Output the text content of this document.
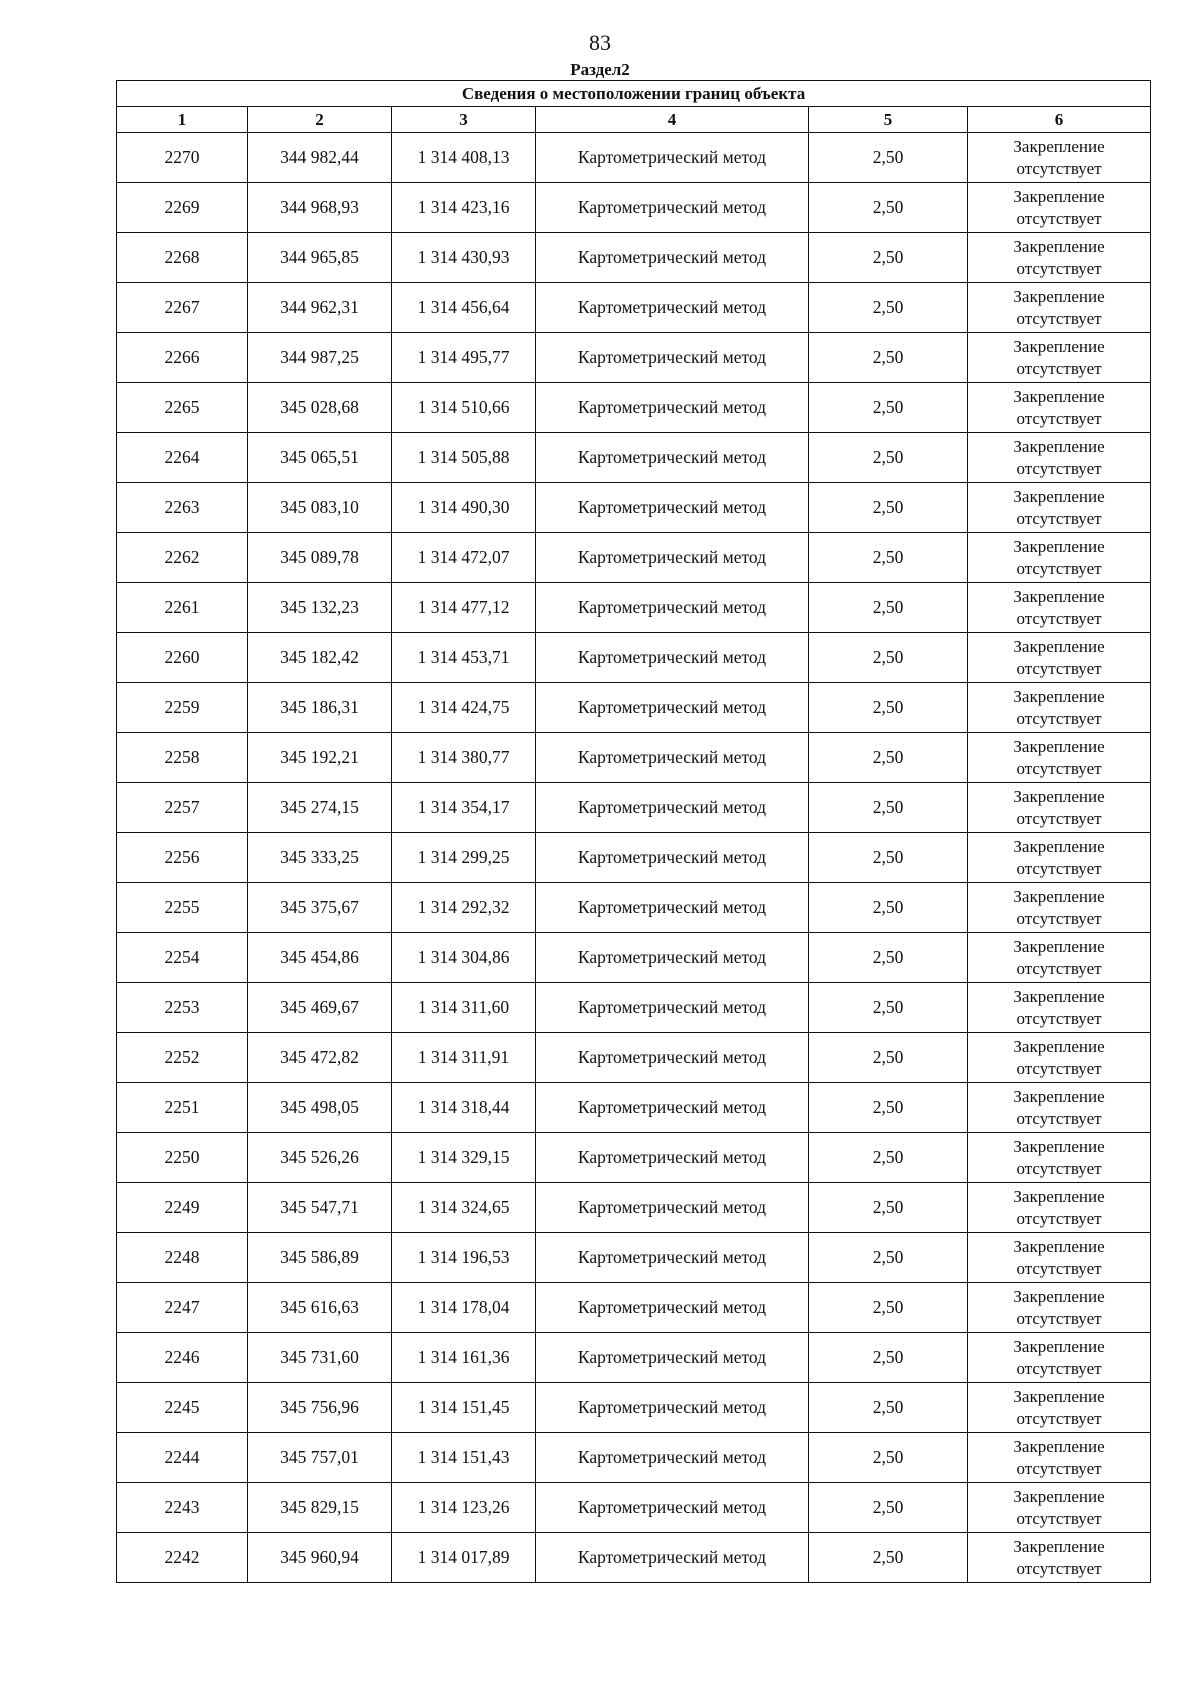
83
Раздел2
Сведения о местоположении границ объекта					
1	2	3	4	5	6
2270	344 982,44	1 314 408,13	Картометрический метод	2,50	Закрепление
отсутствует

2269	344 968,93	1 314 423,16	Картометрический метод	2,50	Закрепление
отсутствует

2268	344 965,85	1 314 430,93	Картометрический метод	2,50	Закрепление
отсутствует

2267	344 962,31	1 314 456,64	Картометрический метод	2,50	Закрепление
отсутствует

2266	344 987,25	1 314 495,77	Картометрический метод	2,50	Закрепление
отсутствует

2265	345 028,68	1 314 510,66	Картометрический метод	2,50	Закрепление
отсутствует

2264	345 065,51	1 314 505,88	Картометрический метод	2,50	Закрепление
отсутствует

2263	345 083,10	1 314 490,30	Картометрический метод	2,50	Закрепление
отсутствует

2262	345 089,78	1 314 472,07	Картометрический метод	2,50	Закрепление
отсутствует

2261	345 132,23	1 314 477,12	Картометрический метод	2,50	Закрепление
отсутствует

2260	345 182,42	1 314 453,71	Картометрический метод	2,50	Закрепление
отсутствует

2259	345 186,31	1 314 424,75	Картометрический метод	2,50	Закрепление
отсутствует

2258	345 192,21	1 314 380,77	Картометрический метод	2,50	Закрепление
отсутствует

2257	345 274,15	1 314 354,17	Картометрический метод	2,50	Закрепление
отсутствует

2256	345 333,25	1 314 299,25	Картометрический метод	2,50	Закрепление
отсутствует

2255	345 375,67	1 314 292,32	Картометрический метод	2,50	Закрепление
отсутствует

2254	345 454,86	1 314 304,86	Картометрический метод	2,50	Закрепление
отсутствует

2253	345 469,67	1 314 311,60	Картометрический метод	2,50	Закрепление
отсутствует

2252	345 472,82	1 314 311,91	Картометрический метод	2,50	Закрепление
отсутствует

2251	345 498,05	1 314 318,44	Картометрический метод	2,50	Закрепление
отсутствует

2250	345 526,26	1 314 329,15	Картометрический метод	2,50	Закрепление
отсутствует

2249	345 547,71	1 314 324,65	Картометрический метод	2,50	Закрепление
отсутствует

2248	345 586,89	1 314 196,53	Картометрический метод	2,50	Закрепление
отсутствует

2247	345 616,63	1 314 178,04	Картометрический метод	2,50	Закрепление
отсутствует

2246	345 731,60	1 314 161,36	Картометрический метод	2,50	Закрепление
отсутствует

2245	345 756,96	1 314 151,45	Картометрический метод	2,50	Закрепление
отсутствует

2244	345 757,01	1 314 151,43	Картометрический метод	2,50	Закрепление
отсутствует

2243	345 829,15	1 314 123,26	Картометрический метод	2,50	Закрепление
отсутствует

2242	345 960,94	1 314 017,89	Картометрический метод	2,50	Закрепление
отсутствует
